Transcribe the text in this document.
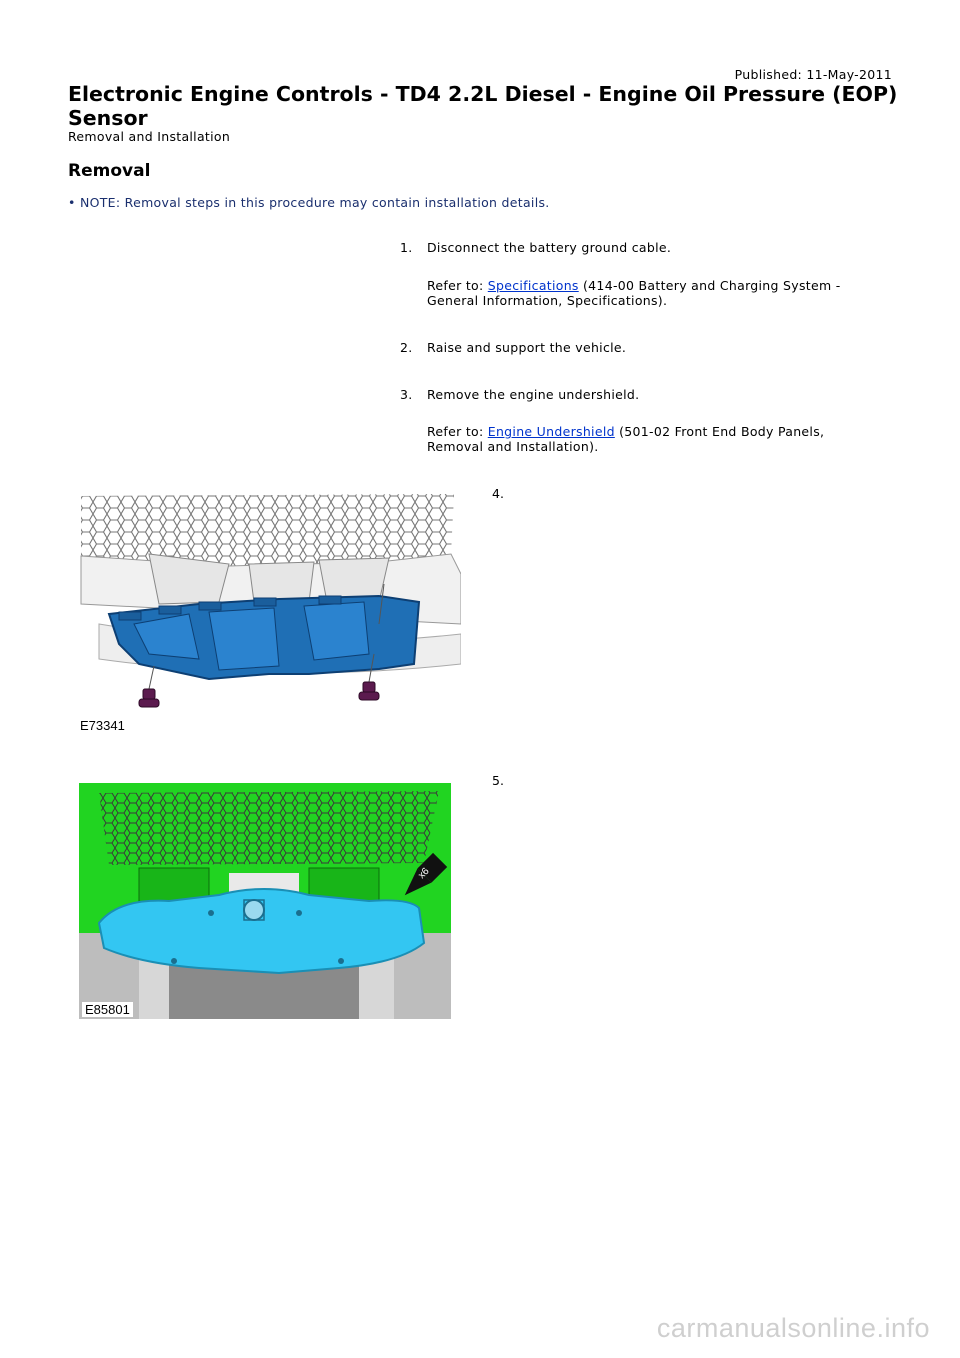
Published: 11-May-2011
Electronic Engine Controls - TD4 2.2L Diesel - Engine Oil Pressure (EOP) Sensor
Removal and Installation
Removal
• NOTE: Removal steps in this procedure may contain installation details.
1. Disconnect the battery ground cable.
Refer to: Specifications (414-00 Battery and Charging System - General Information, Specifications).
2. Raise and support the vehicle.
3. Remove the engine undershield.
Refer to: Engine Undershield (501-02 Front End Body Panels, Removal and Installation).
4.
E73341
5.
x6
E85801
carmanualsonline.info
